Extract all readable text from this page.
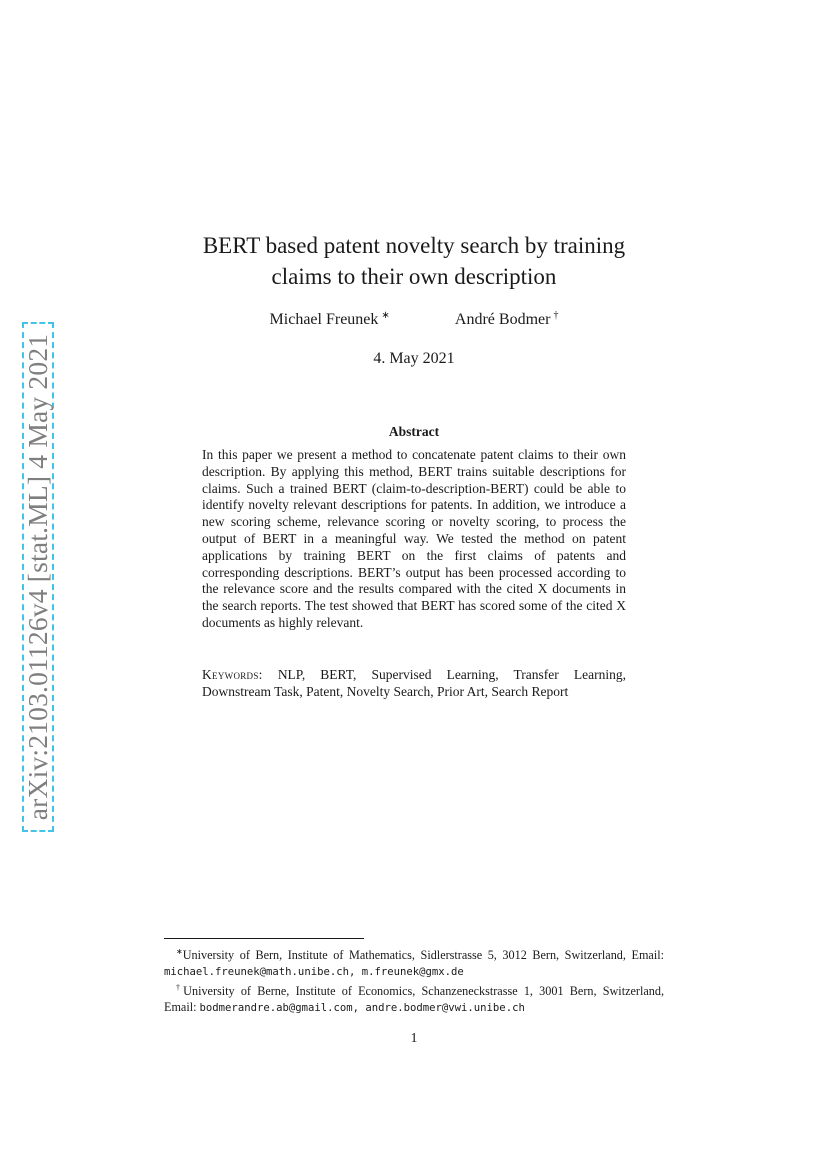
arXiv:2103.01126v4 [stat.ML] 4 May 2021
BERT based patent novelty search by training
claims to their own description
Michael Freunek ∗	André Bodmer †
4. May 2021
Abstract

In this paper we present a method to concatenate patent claims to their own description. By applying this method, BERT trains suitable descriptions for claims. Such a trained BERT (claim-to-description-BERT) could be able to identify novelty relevant descriptions for patents. In addition, we introduce a new scoring scheme, relevance scoring or novelty scoring, to process the output of BERT in a meaningful way. We tested the method on patent applications by training BERT on the first claims of patents and corresponding descriptions. BERT’s output has been processed according to the relevance score and the results compared with the cited X documents in the search reports. The test showed that BERT has scored some of the cited X documents as highly relevant.

Keywords: NLP, BERT, Supervised Learning, Transfer Learning, Downstream Task, Patent, Novelty Search, Prior Art, Search Report

∗University of Bern, Institute of Mathematics, Sidlerstrasse 5, 3012 Bern, Switzerland, Email: michael.freunek@math.unibe.ch, m.freunek@gmx.de

†University of Berne, Institute of Economics, Schanzeneckstrasse 1, 3001 Bern, Switzerland, Email: bodmerandre.ab@gmail.com, andre.bodmer@vwi.unibe.ch

1
